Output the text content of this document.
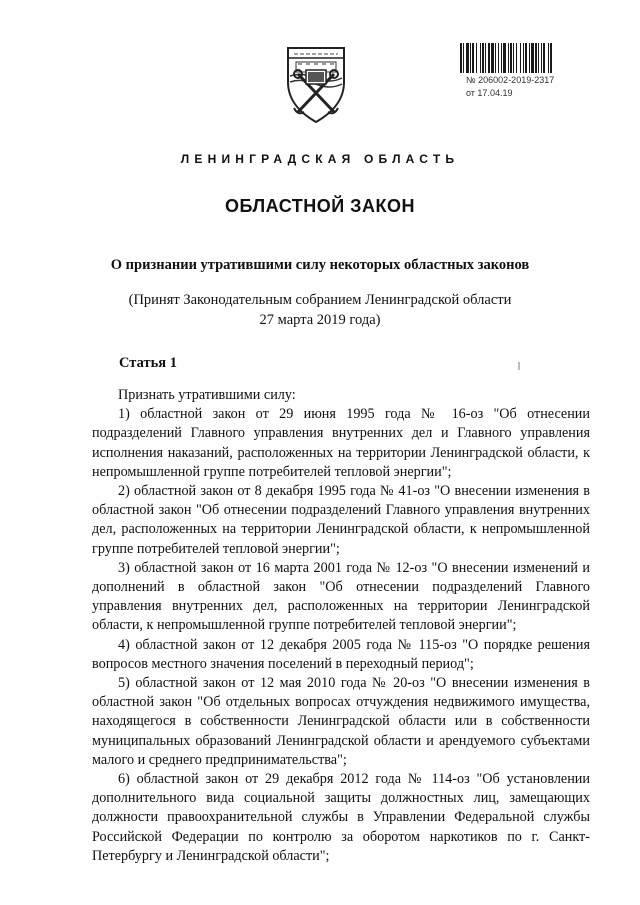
№ 206002-2019-2317
от 17.04.19
ЛЕНИНГРАДСКАЯ ОБЛАСТЬ
ОБЛАСТНОЙ ЗАКОН
О признании утратившими силу некоторых областных законов
(Принят Законодательным собранием Ленинградской области
27 марта 2019 года)
Статья 1

Признать утратившими силу:

1) областной закон от 29 июня 1995 года № 16-оз "Об отнесении подразделений Главного управления внутренних дел и Главного управления исполнения наказаний, расположенных на территории Ленинградской области, к непромышленной группе потребителей тепловой энергии";

2) областной закон от 8 декабря 1995 года № 41-оз "О внесении изменения в областной закон "Об отнесении подразделений Главного управления внутренних дел, расположенных на территории Ленинградской области, к непромышленной группе потребителей тепловой энергии";

3) областной закон от 16 марта 2001 года № 12-оз "О внесении изменений и дополнений в областной закон "Об отнесении подразделений Главного управления внутренних дел, расположенных на территории Ленинградской области, к непромышленной группе потребителей тепловой энергии";

4) областной закон от 12 декабря 2005 года № 115-оз "О порядке решения вопросов местного значения поселений в переходный период";

5) областной закон от 12 мая 2010 года № 20-оз "О внесении изменения в областной закон "Об отдельных вопросах отчуждения недвижимого имущества, находящегося в собственности Ленинградской области или в собственности муниципальных образований Ленинградской области и арендуемого субъектами малого и среднего предпринимательства";

6) областной закон от 29 декабря 2012 года № 114-оз "Об установлении дополнительного вида социальной защиты должностных лиц, замещающих должности правоохранительной службы в Управлении Федеральной службы Российской Федерации по контролю за оборотом наркотиков по г. Санкт-Петербургу и Ленинградской области";
